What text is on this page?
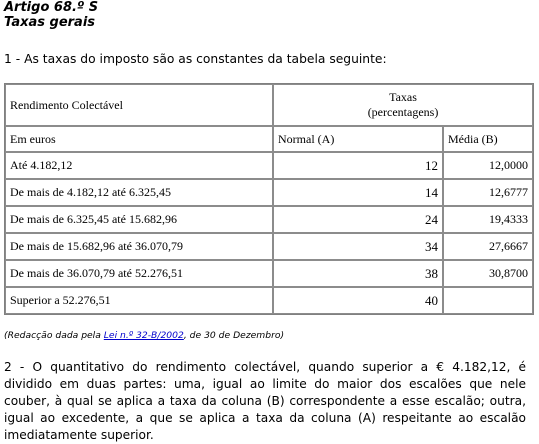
Artigo 68.º S
Taxas gerais
1 - As taxas do imposto são as constantes da tabela seguinte:
Rendimento Colectável	Taxas
(percentagens)	
Em euros	Normal (A)	Média (B)
Até 4.182,12	12	12,0000
De mais de 4.182,12 até 6.325,45	14	12,6777
De mais de 6.325,45 até 15.682,96	24	19,4333
De mais de 15.682,96 até 36.070,79	34	27,6667
De mais de 36.070,79 até 52.276,51	38	30,8700
Superior a 52.276,51	40	
(Redacção dada pela Lei n.º 32-B/2002, de 30 de Dezembro)
2 - O quantitativo do rendimento colectável, quando superior a € 4.182,12, é dividido em duas partes: uma, igual ao limite do maior dos escalões que nele couber, à qual se aplica a taxa da coluna (B) correspondente a esse escalão; outra, igual ao excedente, a que se aplica a taxa da coluna (A) respeitante ao escalão imediatamente superior.
